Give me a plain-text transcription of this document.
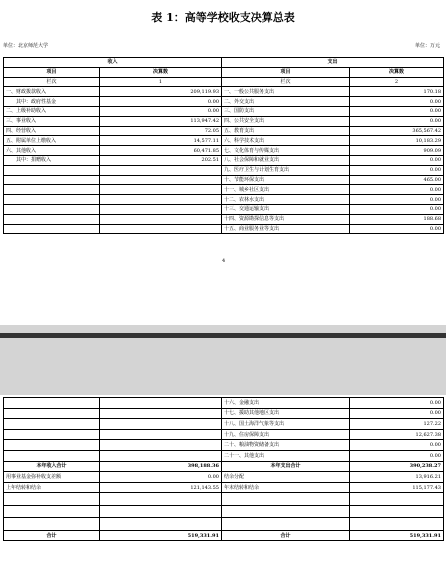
表 1：高等学校收支决算总表
单位：北京师范大学	单位：万元
收入		支出	
项目	决算数	项目	决算数
栏次	1	栏次	2
一、财政拨款收入	209,119.93	一、一般公共服务支出	170.18
其中：政府性基金	0.00	二、外交支出	0.00
二、上级补助收入	0.00	三、国防支出	0.00
三、事业收入	113,947.42	四、公共安全支出	0.00
四、经营收入	72.05	五、教育支出	365,567.42
五、附属单位上缴收入	14,577.11	六、科学技术支出	10,183.29
六、其他收入	60,471.85	七、文化体育与传媒支出	909.09
其中：捐赠收入	202.51	八、社会保障和就业支出	0.00
		九、医疗卫生与计划生育支出	0.00
		十、节能环保支出	465.00
		十一、城乡社区支出	0.00
		十二、农林水支出	0.00
		十三、交通运输支出	0.00
		十四、资源勘探信息等支出	188.68
		十五、商业服务业等支出	0.00
4
		十六、金融支出	0.00
		十七、援助其他地区支出	0.00
		十八、国土海洋气象等支出	127.22
		十九、住房保障支出	12,627.38
		二十、粮油物资储备支出	0.00
		二十一、其他支出	0.00
本年收入合计	398,188.36	本年支出合计	390,238.27
用事业基金弥补收支差额	0.00	结余分配	13,916.21
上年结转和结余	121,143.55	年末结转和结余	115,177.43

合计	519,331.91	合计	519,331.91
